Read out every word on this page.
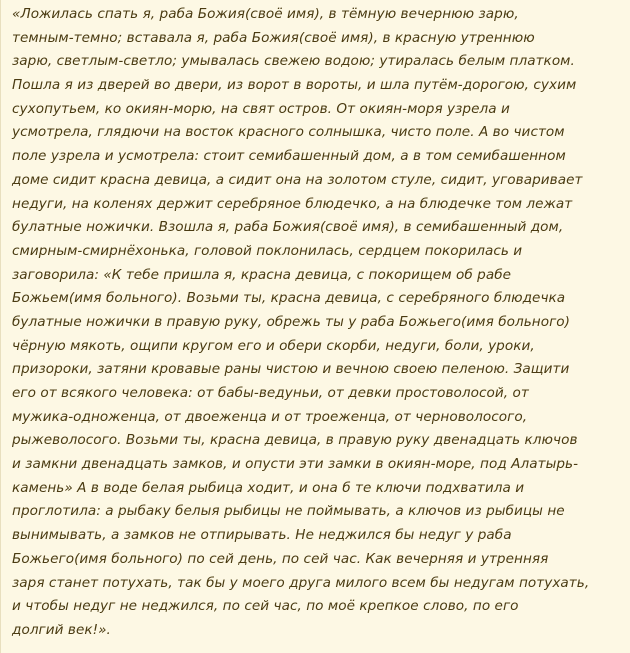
«Ложилась спать я, раба Божия(своё имя), в тёмную вечернюю зарю,
темным-темно; вставала я, раба Божия(своё имя), в красную утреннюю
зарю, светлым-светло; умывалась свежею водою; утиралась белым платком.
Пошла я из дверей во двери, из ворот в вороты, и шла путём-дорогою, сухим
сухопутьем, ко окиян-морю, на свят остров. От окиян-моря узрела и
усмотрела, глядючи на восток красного солнышка, чисто поле. А во чистом
поле узрела и усмотрела: стоит семибашенный дом, а в том семибашенном
доме сидит красна девица, а сидит она на золотом стуле, сидит, уговаривает
недуги, на коленях держит серебряное блюдечко, а на блюдечке том лежат
булатные ножички. Взошла я, раба Божия(своё имя), в семибашенный дом,
смирным-смирнёхонька, головой поклонилась, сердцем покорилась и
заговорила: «К тебе пришла я, красна девица, с покорищем об рабе
Божьем(имя больного). Возьми ты, красна девица, с серебряного блюдечка
булатные ножички в правую руку, обрежь ты у раба Божьего(имя больного)
чёрную мякоть, ощипи кругом его и обери скорби, недуги, боли, уроки,
призороки, затяни кровавые раны чистою и вечною своею пеленою. Защити
его от всякого человека: от бабы-ведуньи, от девки простоволосой, от
мужика-одноженца, от двоеженца и от троеженца, от черноволосого,
рыжеволосого. Возьми ты, красна девица, в правую руку двенадцать ключов
и замкни двенадцать замков, и опусти эти замки в окиян-море, под Алатырь-
камень» А в воде белая рыбица ходит, и она б те ключи подхватила и
проглотила: а рыбаку белыя рыбицы не поймывать, а ключов из рыбицы не
вынимывать, а замков не отпирывать. Не неджился бы недуг у раба
Божьего(имя больного) по сей день, по сей час. Как вечерняя и утренняя
заря станет потухать, так бы у моего друга милого всем бы недугам потухать,
и чтобы недуг не неджился, по сей час, по моё крепкое слово, по его
долгий век!».
